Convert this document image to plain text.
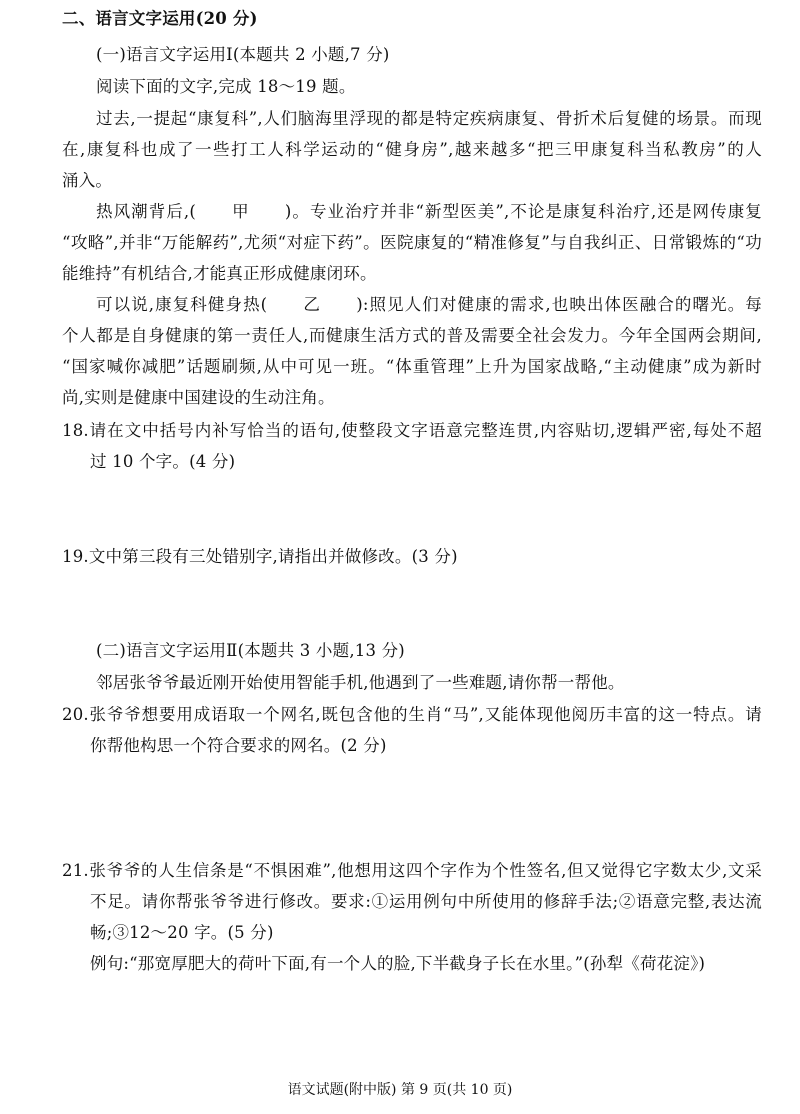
二、语言文字运用(20 分)
(一)语言文字运用Ⅰ(本题共 2 小题,7 分)
阅读下面的文字,完成 18～19 题。
过去,一提起“康复科”,人们脑海里浮现的都是特定疾病康复、骨折术后复健的场景。而现
在,康复科也成了一些打工人科学运动的“健身房”,越来越多“把三甲康复科当私教房”的人
涌入。
热风潮背后,(　　甲　　)。专业治疗并非“新型医美”,不论是康复科治疗,还是网传康复
“攻略”,并非“万能解药”,尤须“对症下药”。医院康复的“精准修复”与自我纠正、日常锻炼的“功
能维持”有机结合,才能真正形成健康闭环。
可以说,康复科健身热(　　乙　　):照见人们对健康的需求,也映出体医融合的曙光。每
个人都是自身健康的第一责任人,而健康生活方式的普及需要全社会发力。今年全国两会期间,
“国家喊你减肥”话题刷频,从中可见一班。“体重管理”上升为国家战略,“主动健康”成为新时
尚,实则是健康中国建设的生动注角。
18.请在文中括号内补写恰当的语句,使整段文字语意完整连贯,内容贴切,逻辑严密,每处不超
过 10 个字。(4 分)
19.文中第三段有三处错别字,请指出并做修改。(3 分)
(二)语言文字运用Ⅱ(本题共 3 小题,13 分)
邻居张爷爷最近刚开始使用智能手机,他遇到了一些难题,请你帮一帮他。
20.张爷爷想要用成语取一个网名,既包含他的生肖“马”,又能体现他阅历丰富的这一特点。请
你帮他构思一个符合要求的网名。(2 分)
21.张爷爷的人生信条是“不惧困难”,他想用这四个字作为个性签名,但又觉得它字数太少,文采
不足。请你帮张爷爷进行修改。要求:①运用例句中所使用的修辞手法;②语意完整,表达流
畅;③12～20 字。(5 分)
例句:“那宽厚肥大的荷叶下面,有一个人的脸,下半截身子长在水里。”(孙犁《荷花淀》)
语文试题(附中版) 第 9 页(共 10 页)
